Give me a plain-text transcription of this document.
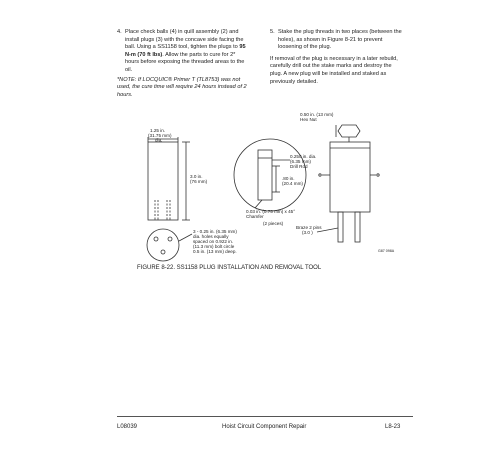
4. Place check balls (4) in quill assembly (2) and install plugs (3) with the concave side facing the ball. Using a SS1158 tool, tighten the plugs to 95 N-m (70 ft lbs). Allow the parts to cure for 2* hours before exposing the threaded areas to the oil.
*NOTE: If LOCQUIC® Primer T (TL8753) was not used, the cure time will require 24 hours instead of 2 hours.
5. Stake the plug threads in two places (between the holes), as shown in Figure 8-21 to prevent loosening of the plug.
If removal of the plug is necessary in a later rebuild, carefully drill out the stake marks and destroy the plug. A new plug will be installed and staked as previously detailed.
1.25 in. (31.75 mm) dia.
3.0 in. (76 mm)
3 - 0.25 in. (6.35 mm) dia. holes equally spaced on 0.922 in. (11.3 mm) bolt circle 0.5 in. (13 mm) deep.
0.250 in. dia. (6.35 mm) Drill Rod
.80 in. (20.4 mm)
0.03 in. (0.75 mm) x 45° Chamfer
(2 pieces)
0.50 in. (13 mm) Hex Nut
Braze 2 pins (3.0 )
G87 098A
FIGURE 8-22. SS1158 PLUG INSTALLATION AND REMOVAL TOOL
L08039	Hoist Circuit Component Repair	L8-23
